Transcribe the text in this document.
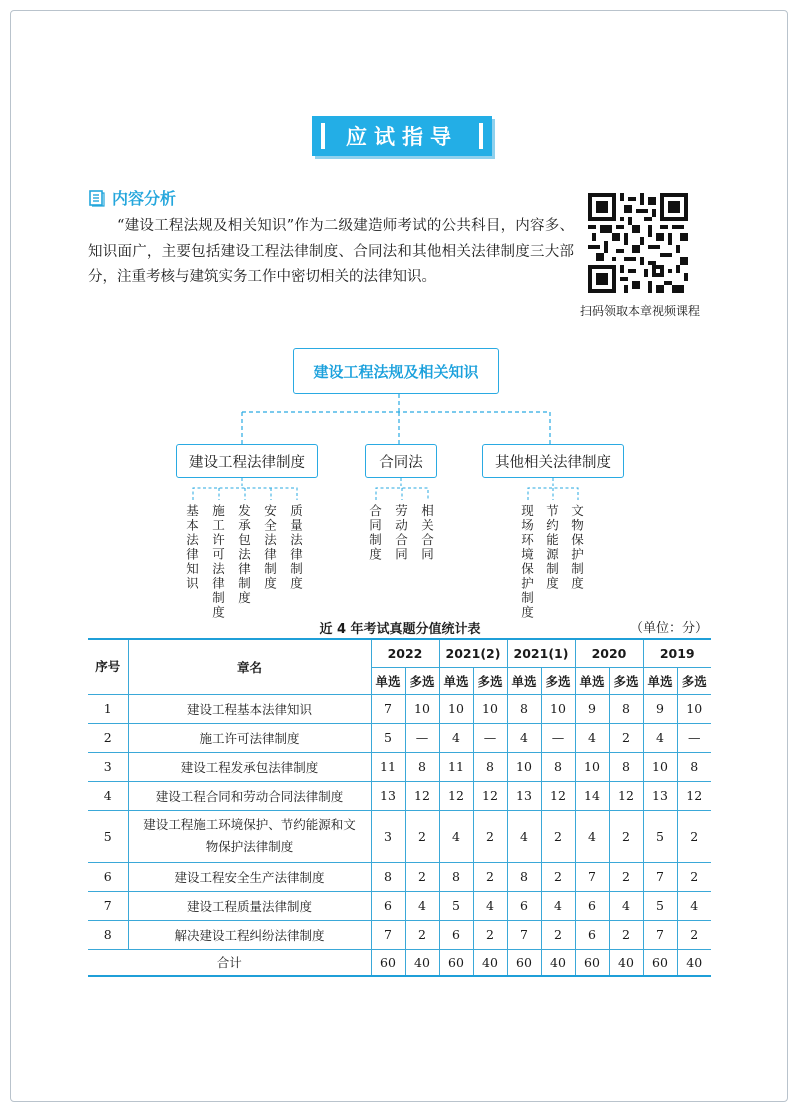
应试指导
内容分析
“建设工程法规及相关知识”作为二级建造师考试的公共科目，内容多、知识面广，主要包括建设工程法律制度、合同法和其他相关法律制度三大部分，注重考核与建筑实务工作中密切相关的法律知识。
扫码领取本章视频课程
建设工程法规及相关知识
建设工程法律制度	合同法	其他相关法律制度
基本法律知识 施工许可法律制度 发承包法律制度 安全法律制度 质量法律制度	合同制度 劳动合同 相关合同	现场环境保护制度 节约能源制度 文物保护制度
近 4 年考试真题分值统计表	（单位：分）
序号	章名	2022		2021(2)		2021(1)		2020		2019	
		单选	多选	单选	多选	单选	多选	单选	多选	单选	多选
1	建设工程基本法律知识	7	10	10	10	8	10	9	8	9	10
2	施工许可法律制度	5	—	4	—	4	—	4	2	4	—
3	建设工程发承包法律制度	11	8	11	8	10	8	10	8	10	8
4	建设工程合同和劳动合同法律制度	13	12	12	12	13	12	14	12	13	12
5	建设工程施工环境保护、节约能源和文物保护法律制度	3	2	4	2	4	2	4	2	5	2
6	建设工程安全生产法律制度	8	2	8	2	8	2	7	2	7	2
7	建设工程质量法律制度	6	4	5	4	6	4	6	4	5	4
8	解决建设工程纠纷法律制度	7	2	6	2	7	2	6	2	7	2
合计		60	40	60	40	60	40	60	40	60	40
